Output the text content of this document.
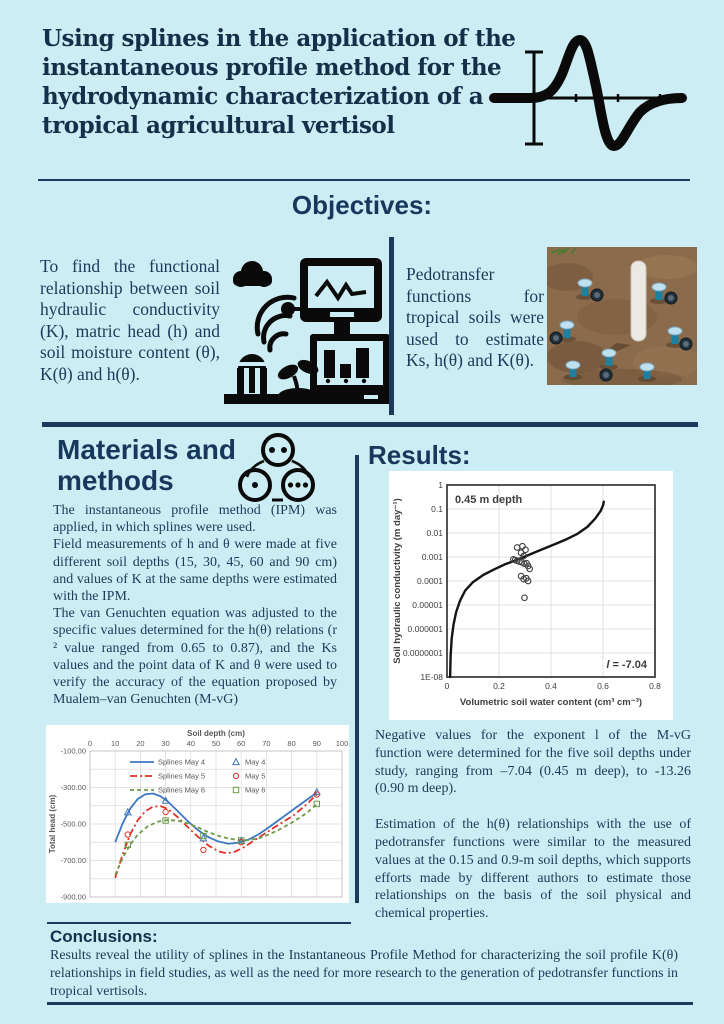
Using splines in the application of the
instantaneous profile method for the
hydrodynamic characterization of a
tropical agricultural vertisol
Objectives:
To find the functional relationship between soil hydraulic conductivity (K), matric head (h) and soil moisture content (θ), K(θ) and h(θ).
Pedotransfer functions for tropical soils were used to estimate Ks, h(θ) and K(θ).
Materials and methods

The instantaneous profile method (IPM) was applied, in which splines were used.

Field measurements of h and θ were made at five different soil depths (15, 30, 45, 60 and 90 cm) and values of K at the same depths were estimated with the IPM.

The van Genuchten equation was adjusted to the specific values determined for the h(θ) relations (r ² value ranged from 0.65 to 0.87), and the Ks values and the point data of K and θ were used to verify the accuracy of the equation proposed by Mualem–van Genuchten (M-vG)

Results:
1
0.1
0.01
0.001
0.0001
0.00001
0.000001
0.0000001
1E-08
0	0.2	0.4	0.6	0.8
Volumetric soil water content (cm³ cm⁻³)
Soil hydraulic conductivity (m day⁻¹)	0.45 m depth
l = -7.04

Negative values for the exponent l of the M-vG function were determined for the five soil depths under study, ranging from –7.04 (0.45 m deep), to -13.26 (0.90 m deep).

Estimation of the h(θ) relationships with the use of pedotransfer functions were similar to the measured values at the 0.15 and 0.9-m soil depths, which supports efforts made by different authors to estimate those relationships on the basis of the soil physical and chemical properties.

0	10 20 30 40 50 60 70 80 90 100
-100.00
-300.00
-500.00
-700.00
-900.00
Soil depth (cm)
Total head (cm)
Splines May 4	May 4
Splines May 5	May 5
Splines May 6	May 6
Conclusions:
Results reveal the utility of splines in the Instantaneous Profile Method for characterizing the soil profile K(θ) relationships in field studies, as well as the need for more research to the generation of pedotransfer functions in tropical vertisols.
